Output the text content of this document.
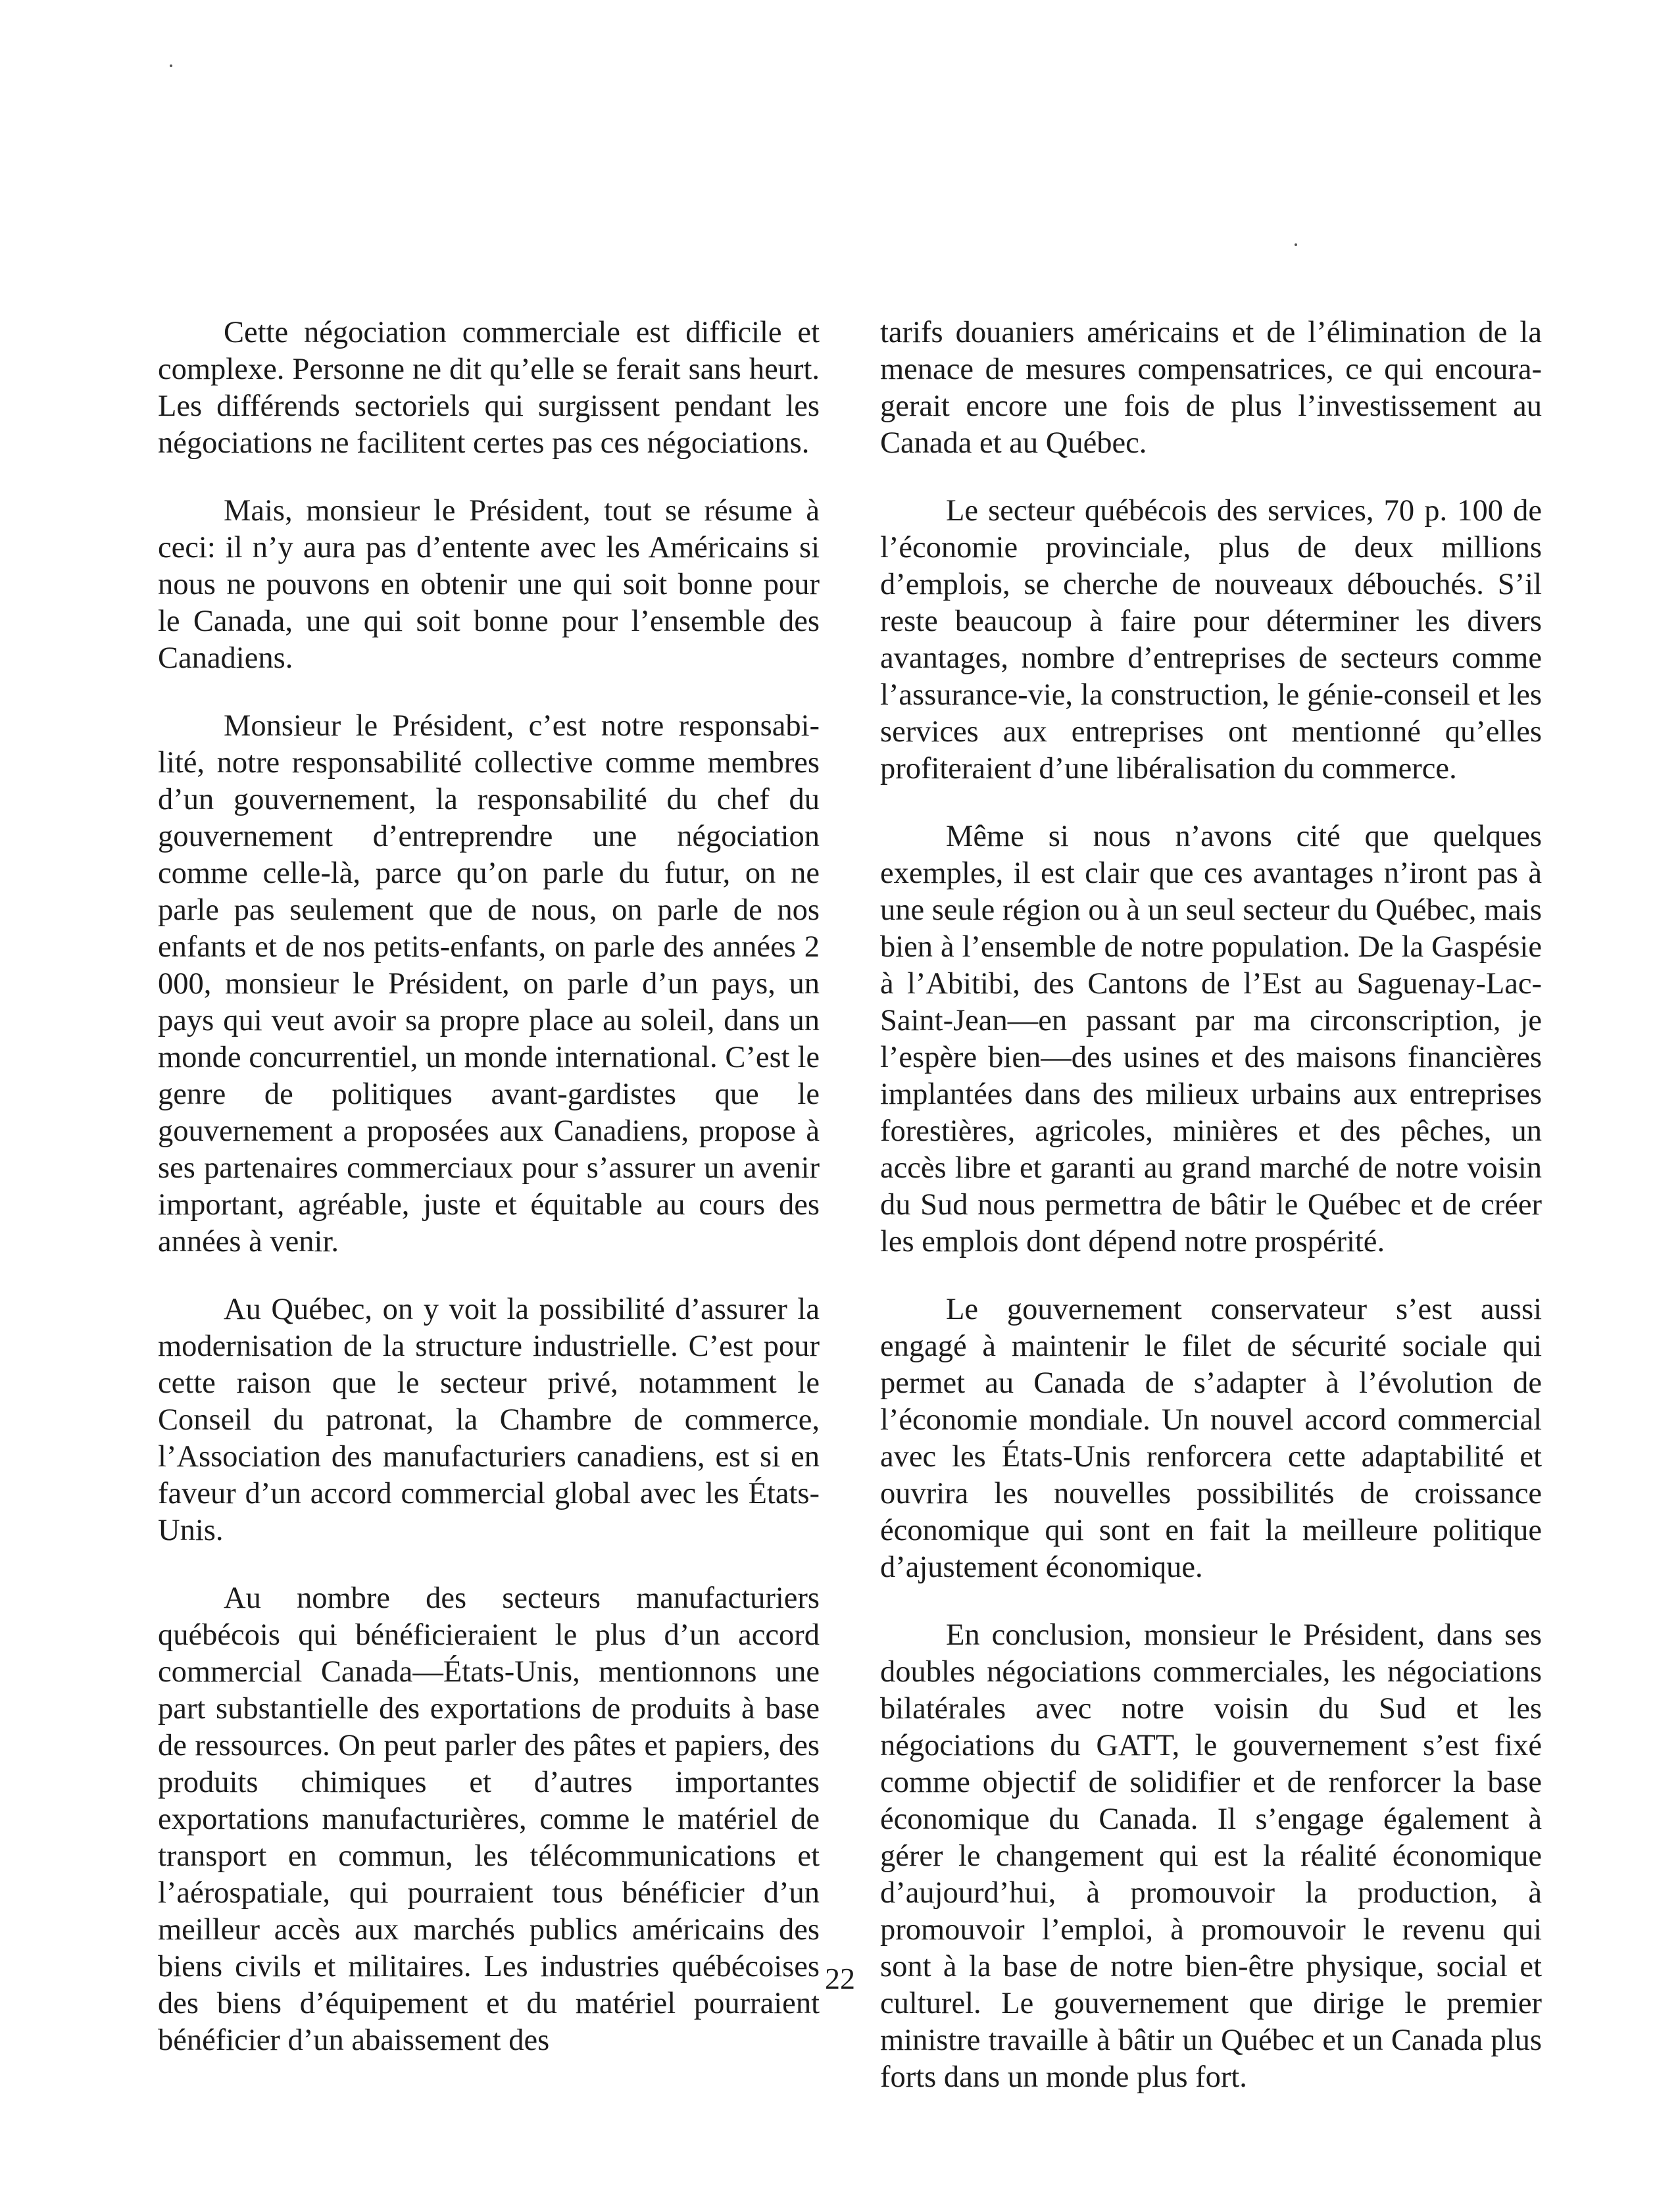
Cette négociation commerciale est difficile et complexe. Personne ne dit qu’elle se ferait sans heurt. Les différends sectoriels qui surgissent pendant les négociations ne facilitent certes pas ces négociations.

Mais, monsieur le Président, tout se résume à ceci: il n’y aura pas d’entente avec les Américains si nous ne pouvons en obtenir une qui soit bonne pour le Canada, une qui soit bonne pour l’ensemble des Canadiens.

Monsieur le Président, c’est notre responsabilité, notre responsabilité collective comme membres d’un gouvernement, la responsabilité du chef du gouvernement d’entreprendre une négociation comme celle-là, parce qu’on parle du futur, on ne parle pas seulement que de nous, on parle de nos enfants et de nos petits-enfants, on parle des années 2 000, monsieur le Président, on parle d’un pays, un pays qui veut avoir sa propre place au soleil, dans un monde concurrentiel, un monde international. C’est le genre de politiques avant-gardistes que le gouvernement a proposées aux Canadiens, propose à ses partenaires commerciaux pour s’assurer un avenir important, agréable, juste et équitable au cours des années à venir.

Au Québec, on y voit la possibilité d’assurer la modernisation de la structure industrielle. C’est pour cette raison que le secteur privé, notamment le Conseil du patronat, la Chambre de commerce, l’Association des manufacturiers canadiens, est si en faveur d’un accord commercial global avec les États-Unis.

Au nombre des secteurs manufacturiers québécois qui bénéficieraient le plus d’un accord commercial Canada—États-Unis, mentionnons une part substantielle des exportations de produits à base de ressources. On peut parler des pâtes et papiers, des produits chimiques et d’autres importantes exportations manufacturières, comme le matériel de transport en commun, les télécommunications et l’aérospatiale, qui pourraient tous bénéficier d’un meilleur accès aux marchés publics américains des biens civils et militaires. Les industries québécoises des biens d’équipement et du matériel pourraient bénéficier d’un abaissement des

tarifs douaniers américains et de l’élimination de la menace de mesures compensatrices, ce qui encouragerait encore une fois de plus l’investissement au Canada et au Québec.

Le secteur québécois des services, 70 p. 100 de l’économie provinciale, plus de deux millions d’emplois, se cherche de nouveaux débouchés. S’il reste beaucoup à faire pour déterminer les divers avantages, nombre d’entreprises de secteurs comme l’assurance-vie, la construction, le génie-conseil et les services aux entreprises ont mentionné qu’elles profiteraient d’une libéralisation du commerce.

Même si nous n’avons cité que quelques exemples, il est clair que ces avantages n’iront pas à une seule région ou à un seul secteur du Québec, mais bien à l’ensemble de notre population. De la Gaspésie à l’Abitibi, des Cantons de l’Est au Saguenay-Lac-Saint-Jean—en passant par ma circonscription, je l’espère bien—des usines et des maisons financières implantées dans des milieux urbains aux entreprises forestières, agricoles, minières et des pêches, un accès libre et garanti au grand marché de notre voisin du Sud nous permettra de bâtir le Québec et de créer les emplois dont dépend notre prospérité.

Le gouvernement conservateur s’est aussi engagé à maintenir le filet de sécurité sociale qui permet au Canada de s’adapter à l’évolution de l’économie mondiale. Un nouvel accord commercial avec les États-Unis renforcera cette adaptabilité et ouvrira les nouvelles possibilités de croissance économique qui sont en fait la meilleure politique d’ajustement économique.

En conclusion, monsieur le Président, dans ses doubles négociations commerciales, les négociations bilatérales avec notre voisin du Sud et les négociations du GATT, le gouvernement s’est fixé comme objectif de solidifier et de renforcer la base économique du Canada. Il s’engage également à gérer le changement qui est la réalité économique d’aujourd’hui, à promouvoir la production, à promouvoir l’emploi, à promouvoir le revenu qui sont à la base de notre bien-être physique, social et culturel. Le gouvernement que dirige le premier ministre travaille à bâtir un Québec et un Canada plus forts dans un monde plus fort.

22
